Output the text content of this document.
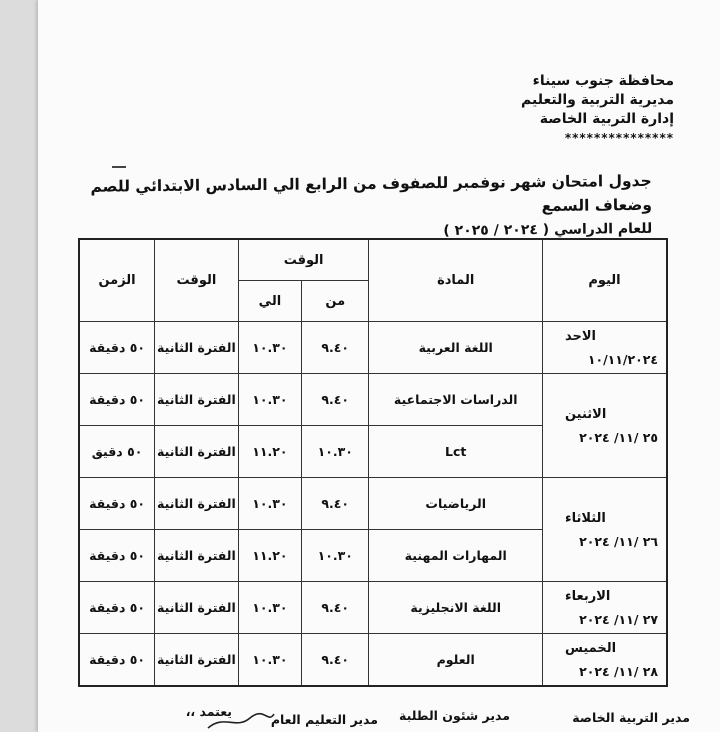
محافظة جنوب سيناء
مديرية التربية والتعليم
إدارة التربية الخاصة
***************
جدول امتحان شهر نوفمبر للصفوف من الرابع الي السادس الابتدائي للصم وضعاف السمع
للعام الدراسي ( ٢٠٢٤ / ٢٠٢٥ )
مدير التربية الخاصة
مدير شئون الطلبة
مدير التعليم العام
يعتمد ،،
اليوم	المادة	الوقت		الوقت	الزمن
		من	الي		

الاحد
١٠/١١/٢٠٢٤	اللغة العربية	٩.٤٠	١٠.٣٠	الفترة الثانية	٥٠ دقيقة

الاثنين
٢٥ /١١/ ٢٠٢٤	الدراسات الاجتماعية	٩.٤٠	١٠.٣٠	الفترة الثانية	٥٠ دقيقة
	Lct	١٠.٣٠	١١.٢٠	الفترة الثانية	٥٠ دقيق

الثلاثاء
٢٦ /١١/ ٢٠٢٤	الرياضيات	٩.٤٠	١٠.٣٠	الفترة الثانية	٥٠ دقيقة
	المهارات المهنية	١٠.٣٠	١١.٢٠	الفترة الثانية	٥٠ دقيقة

الاربعاء
٢٧ /١١/ ٢٠٢٤	اللغة الانجليزية	٩.٤٠	١٠.٣٠	الفترة الثانية	٥٠ دقيقة

الخميس
٢٨ /١١/ ٢٠٢٤	العلوم	٩.٤٠	١٠.٣٠	الفترة الثانية	٥٠ دقيقة
